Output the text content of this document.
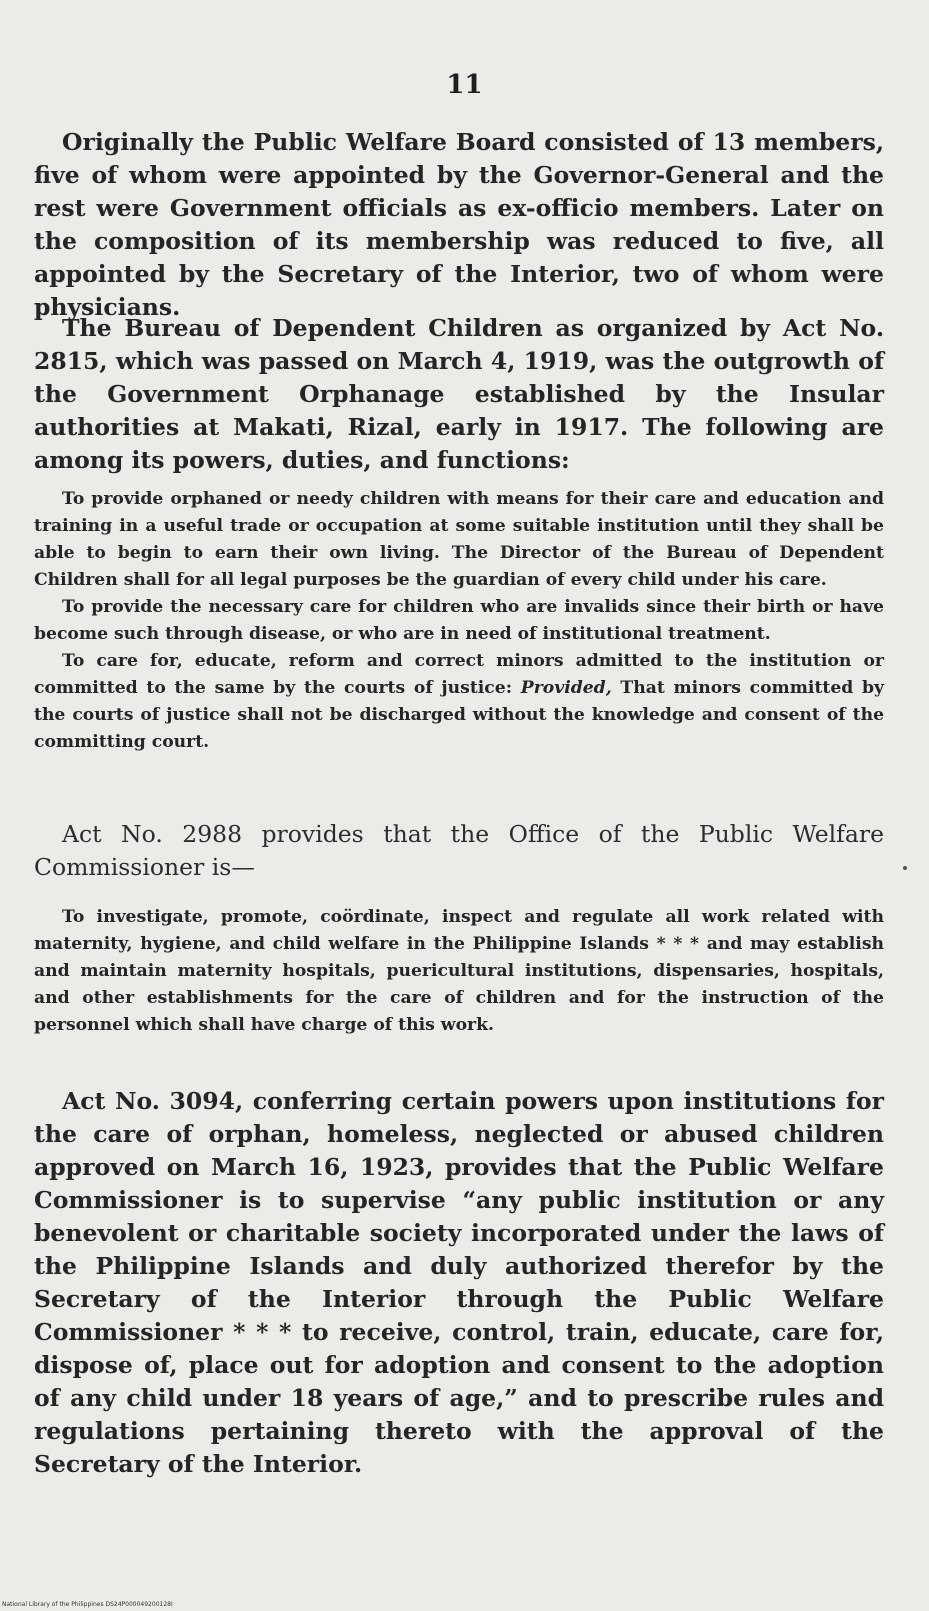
11

Originally the Public Welfare Board consisted of 13 members, five of whom were appointed by the Governor-General and the rest were Government officials as ex-officio members. Later on the composition of its membership was reduced to five, all appointed by the Secretary of the Interior, two of whom were physicians.

The Bureau of Dependent Children as organized by Act No. 2815, which was passed on March 4, 1919, was the outgrowth of the Government Orphanage established by the Insular authorities at Makati, Rizal, early in 1917. The following are among its powers, duties, and functions:

To provide orphaned or needy children with means for their care and education and training in a useful trade or occupation at some suitable institution until they shall be able to begin to earn their own living. The Director of the Bureau of Dependent Children shall for all legal purposes be the guardian of every child under his care.

To provide the necessary care for children who are invalids since their birth or have become such through disease, or who are in need of institutional treatment.

To care for, educate, reform and correct minors admitted to the institution or committed to the same by the courts of justice: Provided, That minors committed by the courts of justice shall not be discharged without the knowledge and consent of the committing court.

Act No. 2988 provides that the Office of the Public Welfare Commissioner is—

To investigate, promote, coördinate, inspect and regulate all work related with maternity, hygiene, and child welfare in the Philippine Islands * * * and may establish and maintain maternity hospitals, puericultural institutions, dispensaries, hospitals, and other establishments for the care of children and for the instruction of the personnel which shall have charge of this work.

Act No. 3094, conferring certain powers upon institutions for the care of orphan, homeless, neglected or abused children approved on March 16, 1923, provides that the Public Welfare Commissioner is to supervise “any public institution or any benevolent or charitable society incorporated under the laws of the Philippine Islands and duly authorized therefor by the Secretary of the Interior through the Public Welfare Commissioner * * * to receive, control, train, educate, care for, dispose of, place out for adoption and consent to the adoption of any child under 18 years of age,” and to prescribe rules and regulations pertaining thereto with the approval of the Secretary of the Interior.

National Library of the Philippines DS24P000049200128I
